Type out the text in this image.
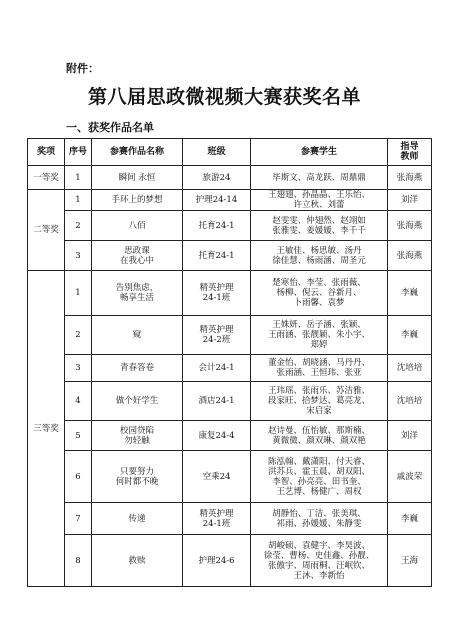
附件：
第八届思政微视频大赛获奖名单
一、获奖作品名单
奖项	序号	参赛作品名称	班级	参赛学生	指导
教师
一等奖	1	瞬间 永恒	旅游24	毕斯文、高龙跃、周鼎鼎	张海燕
二等奖	1	手环上的梦想	护理24-14	王翅翅、孙晶晶、王乐怡、
许立秋、刘蕾	刘洋
	2	八佰	托育24-1	赵雯雯、仲翅然、赵翊如
张雅雯、姜媛媛、李千千	张海燕
	3	思政课
在我心中	托育24-1	王敏佳、杨思敏、汤丹
徐佳慧、杨雨涵、周圣元	张海燕
三等奖	1	告别焦虑，
畅享生活	精英护理
24-1班	楚寒怡、李莹、张雨薇、
杨柳、倪云、谷新月、
卜雨馨、袁梦	李巍
	2	窥	精英护理
24-2班	王姝妍、岳子涵、张颖、
王雨涵、张靓颖、朱小宇、
郑婷	李巍
	3	青春答卷	会计24-1	董金怡、胡晓涵、马丹丹、
张雨涵、王恒玮、张亚	沈培培
	4	做个好学生	酒店24-1	王玮瑶、张雨乐、苏洁雅、
段家旺、拾梦达、葛亮龙、
宋启家	沈培培
	5	校园贷陷
勿轻触	康复24-4	赵诗曼、伍怡敏、那斯楠、
黄微微、颜双琳、颜双艳	刘洋
	6	只要努力
何时都不晚	空乘24	陈泓翰、戴潇阳、付天睿、
洪苏兵、霍玉晨、胡双阳、
李智、孙亮亮、田书奎、
王艺博、杨健广、周权	戚波荣
	7	传递	精英护理
24-1班	胡静怡、丁洁、张美琪、
祁雨、孙媛媛、朱静雯	李巍
	8	救赎	护理24-6	胡峻硕、袁健宇、李昊波、
徐莹、曹杨、史佳鑫、孙靓、
张傲宇、周雨桐、汪岷钦、
王沐、李新怡	王海
